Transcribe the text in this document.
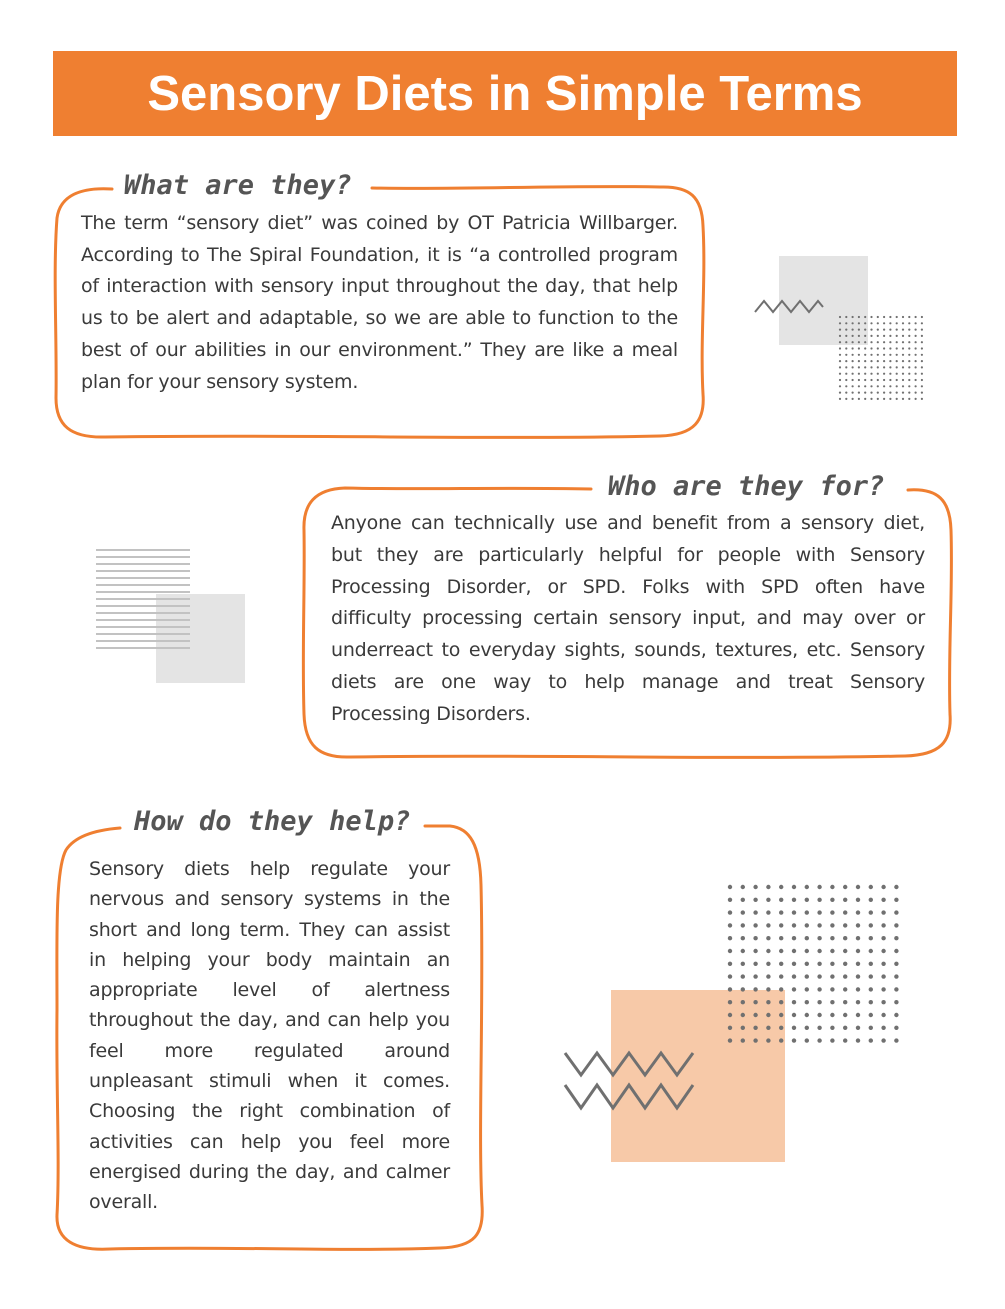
Sensory Diets in Simple Terms
What are they?

The term “sensory diet” was coined by OT Patricia Willbarger. According to The Spiral Foundation, it is “a controlled program of interaction with sensory input throughout the day, that help us to be alert and adaptable, so we are able to function to the best of our abilities in our environment.” They are like a meal plan for your sensory system.

Who are they for?

Anyone can technically use and benefit from a sensory diet, but they are particularly helpful for people with Sensory Processing Disorder, or SPD. Folks with SPD often have difficulty processing certain sensory input, and may over or underreact to everyday sights, sounds, textures, etc. Sensory diets are one way to help manage and treat Sensory Processing Disorders.

How do they help?

Sensory diets help regulate your nervous and sensory systems in the short and long term. They can assist in helping your body maintain an appropriate level of alertness throughout the day, and can help you feel more regulated around unpleasant stimuli when it comes. Choosing the right combination of activities can help you feel more energised during the day, and calmer overall.
